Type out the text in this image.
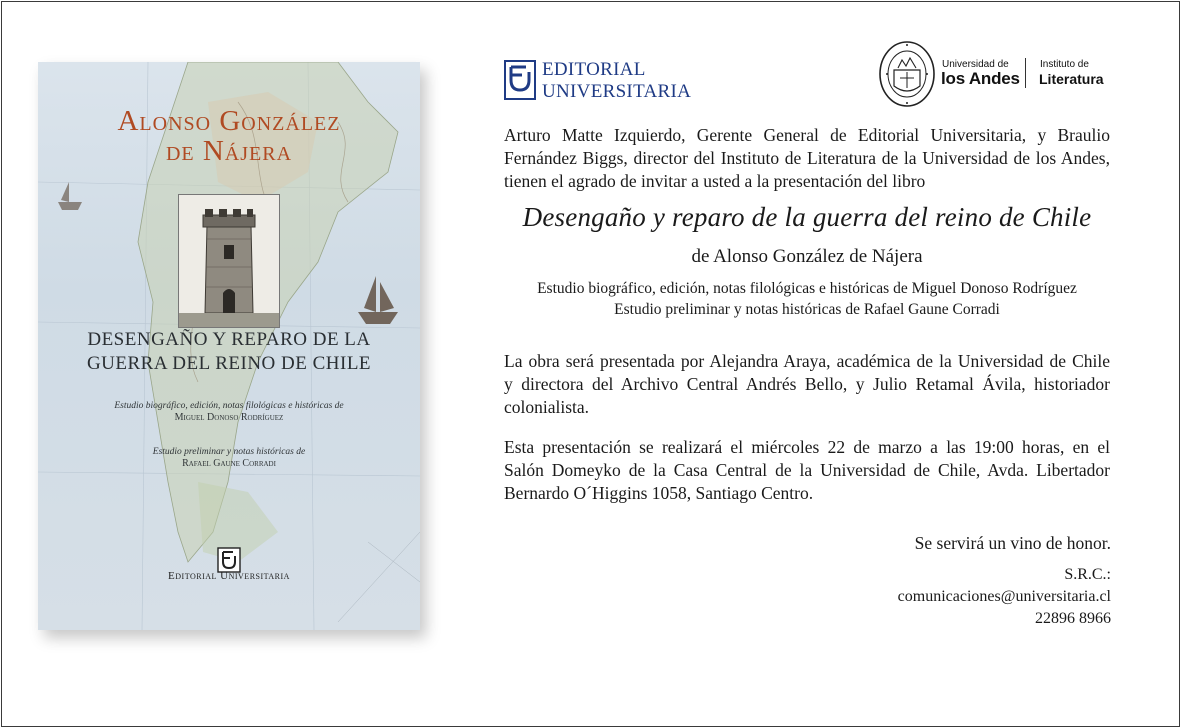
Alonso González
de Nájera
DESENGAÑO Y REPARO DE LA
GUERRA DEL REINO DE CHILE
Estudio biográfico, edición, notas filológicas e históricas de
Miguel Donoso Rodríguez
Estudio preliminar y notas históricas de
Rafael Gaune Corradi
Editorial Universitaria
EDITORIAL
UNIVERSITARIA
Universidad de
los Andes
Instituto de
Literatura
Arturo Matte Izquierdo, Gerente General de Editorial Universitaria, y Braulio
Fernández Biggs, director del Instituto de Literatura de la Universidad de los Andes,
tienen el agrado de invitar a usted a la presentación del libro
Desengaño y reparo de la guerra del reino de Chile
de Alonso González de Nájera
Estudio biográfico, edición, notas filológicas e históricas de Miguel Donoso Rodríguez
Estudio preliminar y notas históricas de Rafael Gaune Corradi
La obra será presentada por Alejandra Araya, académica de la Universidad de Chile
y directora del Archivo Central Andrés Bello, y Julio Retamal Ávila, historiador
colonialista.
Esta presentación se realizará el miércoles 22 de marzo a las 19:00 horas, en el
Salón Domeyko de la Casa Central de la Universidad de Chile, Avda. Libertador
Bernardo O´Higgins 1058, Santiago Centro.
Se servirá un vino de honor.
S.R.C.:
comunicaciones@universitaria.cl
22896 8966
